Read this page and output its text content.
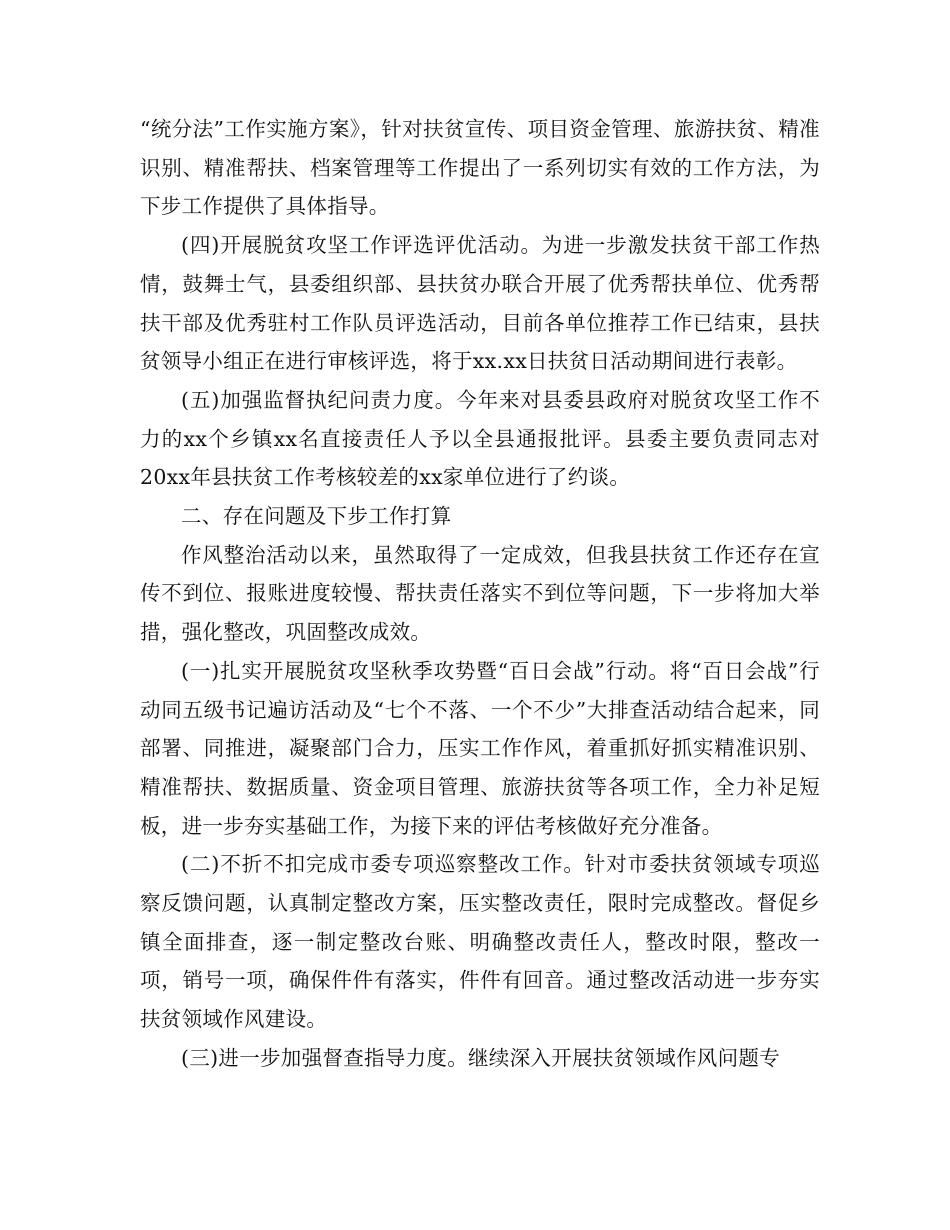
“统分法”工作实施方案》，针对扶贫宣传、项目资金管理、旅游扶贫、精准识别、精准帮扶、档案管理等工作提出了一系列切实有效的工作方法，为下步工作提供了具体指导。

(四)开展脱贫攻坚工作评选评优活动。为进一步激发扶贫干部工作热情，鼓舞士气，县委组织部、县扶贫办联合开展了优秀帮扶单位、优秀帮扶干部及优秀驻村工作队员评选活动，目前各单位推荐工作已结束，县扶贫领导小组正在进行审核评选，将于xx.xx日扶贫日活动期间进行表彰。

(五)加强监督执纪问责力度。今年来对县委县政府对脱贫攻坚工作不力的xx个乡镇xx名直接责任人予以全县通报批评。县委主要负责同志对20xx年县扶贫工作考核较差的xx家单位进行了约谈。

二、存在问题及下步工作打算

作风整治活动以来，虽然取得了一定成效，但我县扶贫工作还存在宣传不到位、报账进度较慢、帮扶责任落实不到位等问题，下一步将加大举措，强化整改，巩固整改成效。

(一)扎实开展脱贫攻坚秋季攻势暨“百日会战”行动。将“百日会战”行动同五级书记遍访活动及“七个不落、一个不少”大排查活动结合起来，同部署、同推进，凝聚部门合力，压实工作作风，着重抓好抓实精准识别、精准帮扶、数据质量、资金项目管理、旅游扶贫等各项工作，全力补足短板，进一步夯实基础工作，为接下来的评估考核做好充分准备。

(二)不折不扣完成市委专项巡察整改工作。针对市委扶贫领域专项巡察反馈问题，认真制定整改方案，压实整改责任，限时完成整改。督促乡镇全面排查，逐一制定整改台账、明确整改责任人，整改时限，整改一项，销号一项，确保件件有落实，件件有回音。通过整改活动进一步夯实扶贫领域作风建设。

(三)进一步加强督查指导力度。继续深入开展扶贫领域作风问题专
